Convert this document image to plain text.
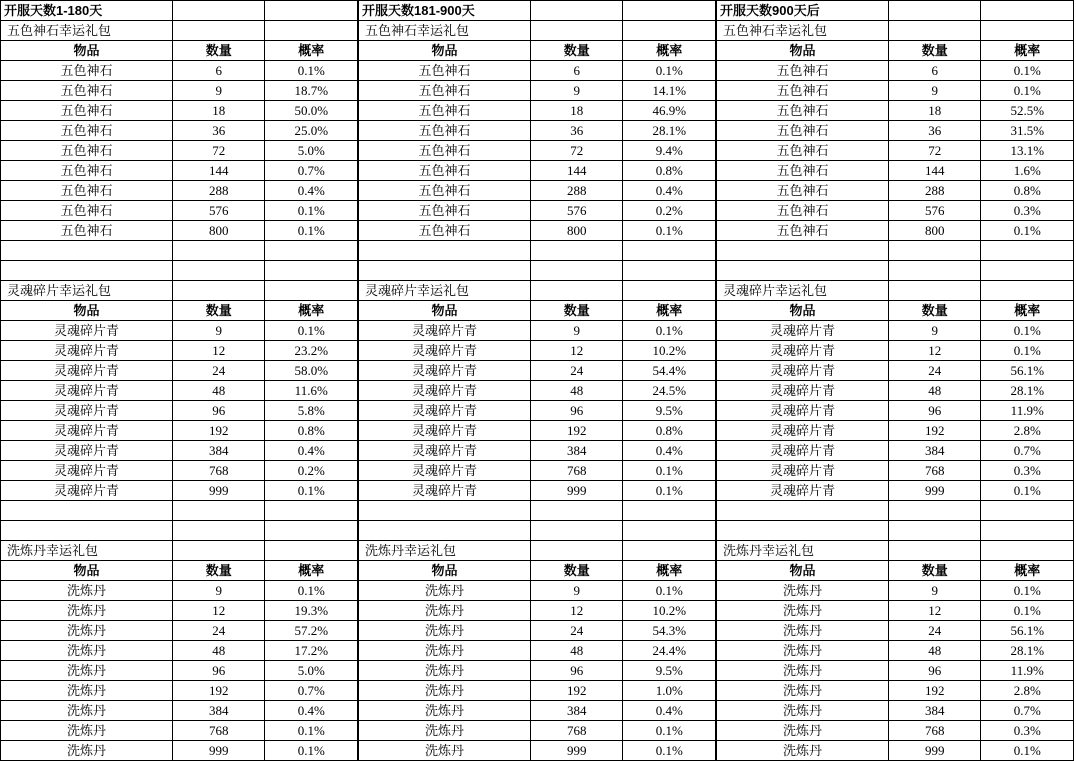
开服天数1-180天		
五色神石幸运礼包		
物品	数量	概率
五色神石	6	0.1%
五色神石	9	18.7%
五色神石	18	50.0%
五色神石	36	25.0%
五色神石	72	5.0%
五色神石	144	0.7%
五色神石	288	0.4%
五色神石	576	0.1%
五色神石	800	0.1%

灵魂碎片幸运礼包		
物品	数量	概率
灵魂碎片青	9	0.1%
灵魂碎片青	12	23.2%
灵魂碎片青	24	58.0%
灵魂碎片青	48	11.6%
灵魂碎片青	96	5.8%
灵魂碎片青	192	0.8%
灵魂碎片青	384	0.4%
灵魂碎片青	768	0.2%
灵魂碎片青	999	0.1%

洗炼丹幸运礼包		
物品	数量	概率
洗炼丹	9	0.1%
洗炼丹	12	19.3%
洗炼丹	24	57.2%
洗炼丹	48	17.2%
洗炼丹	96	5.0%
洗炼丹	192	0.7%
洗炼丹	384	0.4%
洗炼丹	768	0.1%
洗炼丹	999	0.1%
开服天数181-900天		
五色神石幸运礼包		
物品	数量	概率
五色神石	6	0.1%
五色神石	9	14.1%
五色神石	18	46.9%
五色神石	36	28.1%
五色神石	72	9.4%
五色神石	144	0.8%
五色神石	288	0.4%
五色神石	576	0.2%
五色神石	800	0.1%

灵魂碎片幸运礼包		
物品	数量	概率
灵魂碎片青	9	0.1%
灵魂碎片青	12	10.2%
灵魂碎片青	24	54.4%
灵魂碎片青	48	24.5%
灵魂碎片青	96	9.5%
灵魂碎片青	192	0.8%
灵魂碎片青	384	0.4%
灵魂碎片青	768	0.1%
灵魂碎片青	999	0.1%

洗炼丹幸运礼包		
物品	数量	概率
洗炼丹	9	0.1%
洗炼丹	12	10.2%
洗炼丹	24	54.3%
洗炼丹	48	24.4%
洗炼丹	96	9.5%
洗炼丹	192	1.0%
洗炼丹	384	0.4%
洗炼丹	768	0.1%
洗炼丹	999	0.1%
开服天数900天后		
五色神石幸运礼包		
物品	数量	概率
五色神石	6	0.1%
五色神石	9	0.1%
五色神石	18	52.5%
五色神石	36	31.5%
五色神石	72	13.1%
五色神石	144	1.6%
五色神石	288	0.8%
五色神石	576	0.3%
五色神石	800	0.1%

灵魂碎片幸运礼包		
物品	数量	概率
灵魂碎片青	9	0.1%
灵魂碎片青	12	0.1%
灵魂碎片青	24	56.1%
灵魂碎片青	48	28.1%
灵魂碎片青	96	11.9%
灵魂碎片青	192	2.8%
灵魂碎片青	384	0.7%
灵魂碎片青	768	0.3%
灵魂碎片青	999	0.1%

洗炼丹幸运礼包		
物品	数量	概率
洗炼丹	9	0.1%
洗炼丹	12	0.1%
洗炼丹	24	56.1%
洗炼丹	48	28.1%
洗炼丹	96	11.9%
洗炼丹	192	2.8%
洗炼丹	384	0.7%
洗炼丹	768	0.3%
洗炼丹	999	0.1%
